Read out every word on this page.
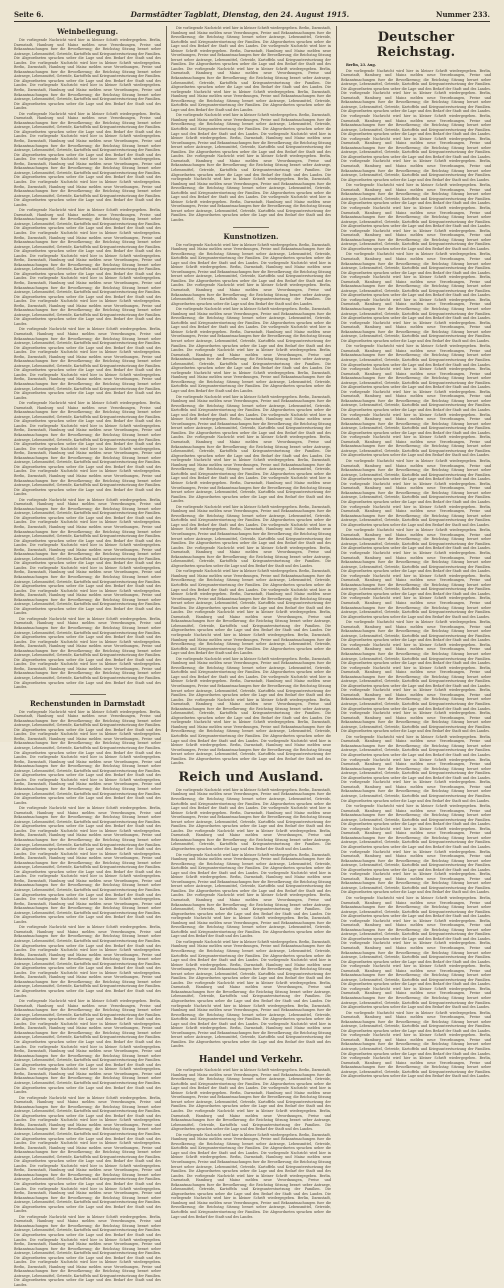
Seite 6.	Darmstädter Tagblatt, Dienstag, den 24. August 1915.	Nummer 233.
Weinbeilegung.

Die vorliegende Nachricht wird hier in kleiner Schrift wiedergegeben. Berlin, Darmstadt, Hamburg und Mainz melden neue Verordnungen, Preise und Bekanntmachungen fuer die Bevoelkerung; die Reichstag Sitzung beraet ueber Antraege, Lebensmittel, Getreide, Kartoffeln und Kriegsunterstuetzung der Familien. Die Abgeordneten sprachen ueber die Lage und den Bedarf der Stadt und des Landes. Die vorliegende Nachricht wird hier in kleiner Schrift wiedergegeben. Berlin, Darmstadt, Hamburg und Mainz melden neue Verordnungen, Preise und Bekanntmachungen fuer die Bevoelkerung; die Reichstag Sitzung beraet ueber Antraege, Lebensmittel, Getreide, Kartoffeln und Kriegsunterstuetzung der Familien. Die Abgeordneten sprachen ueber die Lage und den Bedarf der Stadt und des Landes. Die vorliegende Nachricht wird hier in kleiner Schrift wiedergegeben. Berlin, Darmstadt, Hamburg und Mainz melden neue Verordnungen, Preise und Bekanntmachungen fuer die Bevoelkerung; die Reichstag Sitzung beraet ueber Antraege, Lebensmittel, Getreide, Kartoffeln und Kriegsunterstuetzung der Familien. Die Abgeordneten sprachen ueber die Lage und den Bedarf der Stadt und des Landes.

Die vorliegende Nachricht wird hier in kleiner Schrift wiedergegeben. Berlin, Darmstadt, Hamburg und Mainz melden neue Verordnungen, Preise und Bekanntmachungen fuer die Bevoelkerung; die Reichstag Sitzung beraet ueber Antraege, Lebensmittel, Getreide, Kartoffeln und Kriegsunterstuetzung der Familien. Die Abgeordneten sprachen ueber die Lage und den Bedarf der Stadt und des Landes. Die vorliegende Nachricht wird hier in kleiner Schrift wiedergegeben. Berlin, Darmstadt, Hamburg und Mainz melden neue Verordnungen, Preise und Bekanntmachungen fuer die Bevoelkerung; die Reichstag Sitzung beraet ueber Antraege, Lebensmittel, Getreide, Kartoffeln und Kriegsunterstuetzung der Familien. Die Abgeordneten sprachen ueber die Lage und den Bedarf der Stadt und des Landes. Die vorliegende Nachricht wird hier in kleiner Schrift wiedergegeben. Berlin, Darmstadt, Hamburg und Mainz melden neue Verordnungen, Preise und Bekanntmachungen fuer die Bevoelkerung; die Reichstag Sitzung beraet ueber Antraege, Lebensmittel, Getreide, Kartoffeln und Kriegsunterstuetzung der Familien. Die Abgeordneten sprachen ueber die Lage und den Bedarf der Stadt und des Landes. Die vorliegende Nachricht wird hier in kleiner Schrift wiedergegeben. Berlin, Darmstadt, Hamburg und Mainz melden neue Verordnungen, Preise und Bekanntmachungen fuer die Bevoelkerung; die Reichstag Sitzung beraet ueber Antraege, Lebensmittel, Getreide, Kartoffeln und Kriegsunterstuetzung der Familien. Die Abgeordneten sprachen ueber die Lage und den Bedarf der Stadt und des Landes.

Die vorliegende Nachricht wird hier in kleiner Schrift wiedergegeben. Berlin, Darmstadt, Hamburg und Mainz melden neue Verordnungen, Preise und Bekanntmachungen fuer die Bevoelkerung; die Reichstag Sitzung beraet ueber Antraege, Lebensmittel, Getreide, Kartoffeln und Kriegsunterstuetzung der Familien. Die Abgeordneten sprachen ueber die Lage und den Bedarf der Stadt und des Landes. Die vorliegende Nachricht wird hier in kleiner Schrift wiedergegeben. Berlin, Darmstadt, Hamburg und Mainz melden neue Verordnungen, Preise und Bekanntmachungen fuer die Bevoelkerung; die Reichstag Sitzung beraet ueber Antraege, Lebensmittel, Getreide, Kartoffeln und Kriegsunterstuetzung der Familien. Die Abgeordneten sprachen ueber die Lage und den Bedarf der Stadt und des Landes. Die vorliegende Nachricht wird hier in kleiner Schrift wiedergegeben. Berlin, Darmstadt, Hamburg und Mainz melden neue Verordnungen, Preise und Bekanntmachungen fuer die Bevoelkerung; die Reichstag Sitzung beraet ueber Antraege, Lebensmittel, Getreide, Kartoffeln und Kriegsunterstuetzung der Familien. Die Abgeordneten sprachen ueber die Lage und den Bedarf der Stadt und des Landes. Die vorliegende Nachricht wird hier in kleiner Schrift wiedergegeben. Berlin, Darmstadt, Hamburg und Mainz melden neue Verordnungen, Preise und Bekanntmachungen fuer die Bevoelkerung; die Reichstag Sitzung beraet ueber Antraege, Lebensmittel, Getreide, Kartoffeln und Kriegsunterstuetzung der Familien. Die Abgeordneten sprachen ueber die Lage und den Bedarf der Stadt und des Landes. Die vorliegende Nachricht wird hier in kleiner Schrift wiedergegeben. Berlin, Darmstadt, Hamburg und Mainz melden neue Verordnungen, Preise und Bekanntmachungen fuer die Bevoelkerung; die Reichstag Sitzung beraet ueber Antraege, Lebensmittel, Getreide, Kartoffeln und Kriegsunterstuetzung der Familien. Die Abgeordneten sprachen ueber die Lage und den Bedarf der Stadt und des Landes.

Die vorliegende Nachricht wird hier in kleiner Schrift wiedergegeben. Berlin, Darmstadt, Hamburg und Mainz melden neue Verordnungen, Preise und Bekanntmachungen fuer die Bevoelkerung; die Reichstag Sitzung beraet ueber Antraege, Lebensmittel, Getreide, Kartoffeln und Kriegsunterstuetzung der Familien. Die Abgeordneten sprachen ueber die Lage und den Bedarf der Stadt und des Landes. Die vorliegende Nachricht wird hier in kleiner Schrift wiedergegeben. Berlin, Darmstadt, Hamburg und Mainz melden neue Verordnungen, Preise und Bekanntmachungen fuer die Bevoelkerung; die Reichstag Sitzung beraet ueber Antraege, Lebensmittel, Getreide, Kartoffeln und Kriegsunterstuetzung der Familien. Die Abgeordneten sprachen ueber die Lage und den Bedarf der Stadt und des Landes. Die vorliegende Nachricht wird hier in kleiner Schrift wiedergegeben. Berlin, Darmstadt, Hamburg und Mainz melden neue Verordnungen, Preise und Bekanntmachungen fuer die Bevoelkerung; die Reichstag Sitzung beraet ueber Antraege, Lebensmittel, Getreide, Kartoffeln und Kriegsunterstuetzung der Familien. Die Abgeordneten sprachen ueber die Lage und den Bedarf der Stadt und des Landes.

Die vorliegende Nachricht wird hier in kleiner Schrift wiedergegeben. Berlin, Darmstadt, Hamburg und Mainz melden neue Verordnungen, Preise und Bekanntmachungen fuer die Bevoelkerung; die Reichstag Sitzung beraet ueber Antraege, Lebensmittel, Getreide, Kartoffeln und Kriegsunterstuetzung der Familien. Die Abgeordneten sprachen ueber die Lage und den Bedarf der Stadt und des Landes. Die vorliegende Nachricht wird hier in kleiner Schrift wiedergegeben. Berlin, Darmstadt, Hamburg und Mainz melden neue Verordnungen, Preise und Bekanntmachungen fuer die Bevoelkerung; die Reichstag Sitzung beraet ueber Antraege, Lebensmittel, Getreide, Kartoffeln und Kriegsunterstuetzung der Familien. Die Abgeordneten sprachen ueber die Lage und den Bedarf der Stadt und des Landes. Die vorliegende Nachricht wird hier in kleiner Schrift wiedergegeben. Berlin, Darmstadt, Hamburg und Mainz melden neue Verordnungen, Preise und Bekanntmachungen fuer die Bevoelkerung; die Reichstag Sitzung beraet ueber Antraege, Lebensmittel, Getreide, Kartoffeln und Kriegsunterstuetzung der Familien. Die Abgeordneten sprachen ueber die Lage und den Bedarf der Stadt und des Landes. Die vorliegende Nachricht wird hier in kleiner Schrift wiedergegeben. Berlin, Darmstadt, Hamburg und Mainz melden neue Verordnungen, Preise und Bekanntmachungen fuer die Bevoelkerung; die Reichstag Sitzung beraet ueber Antraege, Lebensmittel, Getreide, Kartoffeln und Kriegsunterstuetzung der Familien. Die Abgeordneten sprachen ueber die Lage und den Bedarf der Stadt und des Landes.

Die vorliegende Nachricht wird hier in kleiner Schrift wiedergegeben. Berlin, Darmstadt, Hamburg und Mainz melden neue Verordnungen, Preise und Bekanntmachungen fuer die Bevoelkerung; die Reichstag Sitzung beraet ueber Antraege, Lebensmittel, Getreide, Kartoffeln und Kriegsunterstuetzung der Familien. Die Abgeordneten sprachen ueber die Lage und den Bedarf der Stadt und des Landes. Die vorliegende Nachricht wird hier in kleiner Schrift wiedergegeben. Berlin, Darmstadt, Hamburg und Mainz melden neue Verordnungen, Preise und Bekanntmachungen fuer die Bevoelkerung; die Reichstag Sitzung beraet ueber Antraege, Lebensmittel, Getreide, Kartoffeln und Kriegsunterstuetzung der Familien. Die Abgeordneten sprachen ueber die Lage und den Bedarf der Stadt und des Landes. Die vorliegende Nachricht wird hier in kleiner Schrift wiedergegeben. Berlin, Darmstadt, Hamburg und Mainz melden neue Verordnungen, Preise und Bekanntmachungen fuer die Bevoelkerung; die Reichstag Sitzung beraet ueber Antraege, Lebensmittel, Getreide, Kartoffeln und Kriegsunterstuetzung der Familien. Die Abgeordneten sprachen ueber die Lage und den Bedarf der Stadt und des Landes. Die vorliegende Nachricht wird hier in kleiner Schrift wiedergegeben. Berlin, Darmstadt, Hamburg und Mainz melden neue Verordnungen, Preise und Bekanntmachungen fuer die Bevoelkerung; die Reichstag Sitzung beraet ueber Antraege, Lebensmittel, Getreide, Kartoffeln und Kriegsunterstuetzung der Familien. Die Abgeordneten sprachen ueber die Lage und den Bedarf der Stadt und des Landes. Die vorliegende Nachricht wird hier in kleiner Schrift wiedergegeben. Berlin, Darmstadt, Hamburg und Mainz melden neue Verordnungen, Preise und Bekanntmachungen fuer die Bevoelkerung; die Reichstag Sitzung beraet ueber Antraege, Lebensmittel, Getreide, Kartoffeln und Kriegsunterstuetzung der Familien. Die Abgeordneten sprachen ueber die Lage und den Bedarf der Stadt und des Landes.

Die vorliegende Nachricht wird hier in kleiner Schrift wiedergegeben. Berlin, Darmstadt, Hamburg und Mainz melden neue Verordnungen, Preise und Bekanntmachungen fuer die Bevoelkerung; die Reichstag Sitzung beraet ueber Antraege, Lebensmittel, Getreide, Kartoffeln und Kriegsunterstuetzung der Familien. Die Abgeordneten sprachen ueber die Lage und den Bedarf der Stadt und des Landes. Die vorliegende Nachricht wird hier in kleiner Schrift wiedergegeben. Berlin, Darmstadt, Hamburg und Mainz melden neue Verordnungen, Preise und Bekanntmachungen fuer die Bevoelkerung; die Reichstag Sitzung beraet ueber Antraege, Lebensmittel, Getreide, Kartoffeln und Kriegsunterstuetzung der Familien. Die Abgeordneten sprachen ueber die Lage und den Bedarf der Stadt und des Landes. Die vorliegende Nachricht wird hier in kleiner Schrift wiedergegeben. Berlin, Darmstadt, Hamburg und Mainz melden neue Verordnungen, Preise und Bekanntmachungen fuer die Bevoelkerung; die Reichstag Sitzung beraet ueber Antraege, Lebensmittel, Getreide, Kartoffeln und Kriegsunterstuetzung der Familien. Die Abgeordneten sprachen ueber die Lage und den Bedarf der Stadt und des Landes.

Rechenstunden in Darmstadt

Die vorliegende Nachricht wird hier in kleiner Schrift wiedergegeben. Berlin, Darmstadt, Hamburg und Mainz melden neue Verordnungen, Preise und Bekanntmachungen fuer die Bevoelkerung; die Reichstag Sitzung beraet ueber Antraege, Lebensmittel, Getreide, Kartoffeln und Kriegsunterstuetzung der Familien. Die Abgeordneten sprachen ueber die Lage und den Bedarf der Stadt und des Landes. Die vorliegende Nachricht wird hier in kleiner Schrift wiedergegeben. Berlin, Darmstadt, Hamburg und Mainz melden neue Verordnungen, Preise und Bekanntmachungen fuer die Bevoelkerung; die Reichstag Sitzung beraet ueber Antraege, Lebensmittel, Getreide, Kartoffeln und Kriegsunterstuetzung der Familien. Die Abgeordneten sprachen ueber die Lage und den Bedarf der Stadt und des Landes. Die vorliegende Nachricht wird hier in kleiner Schrift wiedergegeben. Berlin, Darmstadt, Hamburg und Mainz melden neue Verordnungen, Preise und Bekanntmachungen fuer die Bevoelkerung; die Reichstag Sitzung beraet ueber Antraege, Lebensmittel, Getreide, Kartoffeln und Kriegsunterstuetzung der Familien. Die Abgeordneten sprachen ueber die Lage und den Bedarf der Stadt und des Landes. Die vorliegende Nachricht wird hier in kleiner Schrift wiedergegeben. Berlin, Darmstadt, Hamburg und Mainz melden neue Verordnungen, Preise und Bekanntmachungen fuer die Bevoelkerung; die Reichstag Sitzung beraet ueber Antraege, Lebensmittel, Getreide, Kartoffeln und Kriegsunterstuetzung der Familien. Die Abgeordneten sprachen ueber die Lage und den Bedarf der Stadt und des Landes.

Die vorliegende Nachricht wird hier in kleiner Schrift wiedergegeben. Berlin, Darmstadt, Hamburg und Mainz melden neue Verordnungen, Preise und Bekanntmachungen fuer die Bevoelkerung; die Reichstag Sitzung beraet ueber Antraege, Lebensmittel, Getreide, Kartoffeln und Kriegsunterstuetzung der Familien. Die Abgeordneten sprachen ueber die Lage und den Bedarf der Stadt und des Landes. Die vorliegende Nachricht wird hier in kleiner Schrift wiedergegeben. Berlin, Darmstadt, Hamburg und Mainz melden neue Verordnungen, Preise und Bekanntmachungen fuer die Bevoelkerung; die Reichstag Sitzung beraet ueber Antraege, Lebensmittel, Getreide, Kartoffeln und Kriegsunterstuetzung der Familien. Die Abgeordneten sprachen ueber die Lage und den Bedarf der Stadt und des Landes. Die vorliegende Nachricht wird hier in kleiner Schrift wiedergegeben. Berlin, Darmstadt, Hamburg und Mainz melden neue Verordnungen, Preise und Bekanntmachungen fuer die Bevoelkerung; die Reichstag Sitzung beraet ueber Antraege, Lebensmittel, Getreide, Kartoffeln und Kriegsunterstuetzung der Familien. Die Abgeordneten sprachen ueber die Lage und den Bedarf der Stadt und des Landes. Die vorliegende Nachricht wird hier in kleiner Schrift wiedergegeben. Berlin, Darmstadt, Hamburg und Mainz melden neue Verordnungen, Preise und Bekanntmachungen fuer die Bevoelkerung; die Reichstag Sitzung beraet ueber Antraege, Lebensmittel, Getreide, Kartoffeln und Kriegsunterstuetzung der Familien. Die Abgeordneten sprachen ueber die Lage und den Bedarf der Stadt und des Landes. Die vorliegende Nachricht wird hier in kleiner Schrift wiedergegeben. Berlin, Darmstadt, Hamburg und Mainz melden neue Verordnungen, Preise und Bekanntmachungen fuer die Bevoelkerung; die Reichstag Sitzung beraet ueber Antraege, Lebensmittel, Getreide, Kartoffeln und Kriegsunterstuetzung der Familien. Die Abgeordneten sprachen ueber die Lage und den Bedarf der Stadt und des Landes.

Die vorliegende Nachricht wird hier in kleiner Schrift wiedergegeben. Berlin, Darmstadt, Hamburg und Mainz melden neue Verordnungen, Preise und Bekanntmachungen fuer die Bevoelkerung; die Reichstag Sitzung beraet ueber Antraege, Lebensmittel, Getreide, Kartoffeln und Kriegsunterstuetzung der Familien. Die Abgeordneten sprachen ueber die Lage und den Bedarf der Stadt und des Landes. Die vorliegende Nachricht wird hier in kleiner Schrift wiedergegeben. Berlin, Darmstadt, Hamburg und Mainz melden neue Verordnungen, Preise und Bekanntmachungen fuer die Bevoelkerung; die Reichstag Sitzung beraet ueber Antraege, Lebensmittel, Getreide, Kartoffeln und Kriegsunterstuetzung der Familien. Die Abgeordneten sprachen ueber die Lage und den Bedarf der Stadt und des Landes. Die vorliegende Nachricht wird hier in kleiner Schrift wiedergegeben. Berlin, Darmstadt, Hamburg und Mainz melden neue Verordnungen, Preise und Bekanntmachungen fuer die Bevoelkerung; die Reichstag Sitzung beraet ueber Antraege, Lebensmittel, Getreide, Kartoffeln und Kriegsunterstuetzung der Familien. Die Abgeordneten sprachen ueber die Lage und den Bedarf der Stadt und des Landes.

Die vorliegende Nachricht wird hier in kleiner Schrift wiedergegeben. Berlin, Darmstadt, Hamburg und Mainz melden neue Verordnungen, Preise und Bekanntmachungen fuer die Bevoelkerung; die Reichstag Sitzung beraet ueber Antraege, Lebensmittel, Getreide, Kartoffeln und Kriegsunterstuetzung der Familien. Die Abgeordneten sprachen ueber die Lage und den Bedarf der Stadt und des Landes. Die vorliegende Nachricht wird hier in kleiner Schrift wiedergegeben. Berlin, Darmstadt, Hamburg und Mainz melden neue Verordnungen, Preise und Bekanntmachungen fuer die Bevoelkerung; die Reichstag Sitzung beraet ueber Antraege, Lebensmittel, Getreide, Kartoffeln und Kriegsunterstuetzung der Familien. Die Abgeordneten sprachen ueber die Lage und den Bedarf der Stadt und des Landes. Die vorliegende Nachricht wird hier in kleiner Schrift wiedergegeben. Berlin, Darmstadt, Hamburg und Mainz melden neue Verordnungen, Preise und Bekanntmachungen fuer die Bevoelkerung; die Reichstag Sitzung beraet ueber Antraege, Lebensmittel, Getreide, Kartoffeln und Kriegsunterstuetzung der Familien. Die Abgeordneten sprachen ueber die Lage und den Bedarf der Stadt und des Landes. Die vorliegende Nachricht wird hier in kleiner Schrift wiedergegeben. Berlin, Darmstadt, Hamburg und Mainz melden neue Verordnungen, Preise und Bekanntmachungen fuer die Bevoelkerung; die Reichstag Sitzung beraet ueber Antraege, Lebensmittel, Getreide, Kartoffeln und Kriegsunterstuetzung der Familien. Die Abgeordneten sprachen ueber die Lage und den Bedarf der Stadt und des Landes.

Die vorliegende Nachricht wird hier in kleiner Schrift wiedergegeben. Berlin, Darmstadt, Hamburg und Mainz melden neue Verordnungen, Preise und Bekanntmachungen fuer die Bevoelkerung; die Reichstag Sitzung beraet ueber Antraege, Lebensmittel, Getreide, Kartoffeln und Kriegsunterstuetzung der Familien. Die Abgeordneten sprachen ueber die Lage und den Bedarf der Stadt und des Landes. Die vorliegende Nachricht wird hier in kleiner Schrift wiedergegeben. Berlin, Darmstadt, Hamburg und Mainz melden neue Verordnungen, Preise und Bekanntmachungen fuer die Bevoelkerung; die Reichstag Sitzung beraet ueber Antraege, Lebensmittel, Getreide, Kartoffeln und Kriegsunterstuetzung der Familien. Die Abgeordneten sprachen ueber die Lage und den Bedarf der Stadt und des Landes. Die vorliegende Nachricht wird hier in kleiner Schrift wiedergegeben. Berlin, Darmstadt, Hamburg und Mainz melden neue Verordnungen, Preise und Bekanntmachungen fuer die Bevoelkerung; die Reichstag Sitzung beraet ueber Antraege, Lebensmittel, Getreide, Kartoffeln und Kriegsunterstuetzung der Familien. Die Abgeordneten sprachen ueber die Lage und den Bedarf der Stadt und des Landes. Die vorliegende Nachricht wird hier in kleiner Schrift wiedergegeben. Berlin, Darmstadt, Hamburg und Mainz melden neue Verordnungen, Preise und Bekanntmachungen fuer die Bevoelkerung; die Reichstag Sitzung beraet ueber Antraege, Lebensmittel, Getreide, Kartoffeln und Kriegsunterstuetzung der Familien. Die Abgeordneten sprachen ueber die Lage und den Bedarf der Stadt und des Landes. Die vorliegende Nachricht wird hier in kleiner Schrift wiedergegeben. Berlin, Darmstadt, Hamburg und Mainz melden neue Verordnungen, Preise und Bekanntmachungen fuer die Bevoelkerung; die Reichstag Sitzung beraet ueber Antraege, Lebensmittel, Getreide, Kartoffeln und Kriegsunterstuetzung der Familien. Die Abgeordneten sprachen ueber die Lage und den Bedarf der Stadt und des Landes.

Die vorliegende Nachricht wird hier in kleiner Schrift wiedergegeben. Berlin, Darmstadt, Hamburg und Mainz melden neue Verordnungen, Preise und Bekanntmachungen fuer die Bevoelkerung; die Reichstag Sitzung beraet ueber Antraege, Lebensmittel, Getreide, Kartoffeln und Kriegsunterstuetzung der Familien. Die Abgeordneten sprachen ueber die Lage und den Bedarf der Stadt und des Landes. Die vorliegende Nachricht wird hier in kleiner Schrift wiedergegeben. Berlin, Darmstadt, Hamburg und Mainz melden neue Verordnungen, Preise und Bekanntmachungen fuer die Bevoelkerung; die Reichstag Sitzung beraet ueber Antraege, Lebensmittel, Getreide, Kartoffeln und Kriegsunterstuetzung der Familien. Die Abgeordneten sprachen ueber die Lage und den Bedarf der Stadt und des Landes. Die vorliegende Nachricht wird hier in kleiner Schrift wiedergegeben. Berlin, Darmstadt, Hamburg und Mainz melden neue Verordnungen, Preise und Bekanntmachungen fuer die Bevoelkerung; die Reichstag Sitzung beraet ueber Antraege, Lebensmittel, Getreide, Kartoffeln und Kriegsunterstuetzung der Familien. Die Abgeordneten sprachen ueber die Lage und den Bedarf der Stadt und des Landes.

Die vorliegende Nachricht wird hier in kleiner Schrift wiedergegeben. Berlin, Darmstadt, Hamburg und Mainz melden neue Verordnungen, Preise und Bekanntmachungen fuer die Bevoelkerung; die Reichstag Sitzung beraet ueber Antraege, Lebensmittel, Getreide, Kartoffeln und Kriegsunterstuetzung der Familien. Die Abgeordneten sprachen ueber die Lage und den Bedarf der Stadt und des Landes. Die vorliegende Nachricht wird hier in kleiner Schrift wiedergegeben. Berlin, Darmstadt, Hamburg und Mainz melden neue Verordnungen, Preise und Bekanntmachungen fuer die Bevoelkerung; die Reichstag Sitzung beraet ueber Antraege, Lebensmittel, Getreide, Kartoffeln und Kriegsunterstuetzung der Familien. Die Abgeordneten sprachen ueber die Lage und den Bedarf der Stadt und des Landes. Die vorliegende Nachricht wird hier in kleiner Schrift wiedergegeben. Berlin, Darmstadt, Hamburg und Mainz melden neue Verordnungen, Preise und Bekanntmachungen fuer die Bevoelkerung; die Reichstag Sitzung beraet ueber Antraege, Lebensmittel, Getreide, Kartoffeln und Kriegsunterstuetzung der Familien. Die Abgeordneten sprachen ueber die Lage und den Bedarf der Stadt und des Landes. Die vorliegende Nachricht wird hier in kleiner Schrift wiedergegeben. Berlin, Darmstadt, Hamburg und Mainz melden neue Verordnungen, Preise und Bekanntmachungen fuer die Bevoelkerung; die Reichstag Sitzung beraet ueber Antraege, Lebensmittel, Getreide, Kartoffeln und Kriegsunterstuetzung der Familien. Die Abgeordneten sprachen ueber die Lage und den Bedarf der Stadt und des Landes.

Die vorliegende Nachricht wird hier in kleiner Schrift wiedergegeben. Berlin, Darmstadt, Hamburg und Mainz melden neue Verordnungen, Preise und Bekanntmachungen fuer die Bevoelkerung; die Reichstag Sitzung beraet ueber Antraege, Lebensmittel, Getreide, Kartoffeln und Kriegsunterstuetzung der Familien. Die Abgeordneten sprachen ueber die Lage und den Bedarf der Stadt und des Landes. Die vorliegende Nachricht wird hier in kleiner Schrift wiedergegeben. Berlin, Darmstadt, Hamburg und Mainz melden neue Verordnungen, Preise und Bekanntmachungen fuer die Bevoelkerung; die Reichstag Sitzung beraet ueber Antraege, Lebensmittel, Getreide, Kartoffeln und Kriegsunterstuetzung der Familien. Die Abgeordneten sprachen ueber die Lage und den Bedarf der Stadt und des Landes. Die vorliegende Nachricht wird hier in kleiner Schrift wiedergegeben. Berlin, Darmstadt, Hamburg und Mainz melden neue Verordnungen, Preise und Bekanntmachungen fuer die Bevoelkerung; die Reichstag Sitzung beraet ueber Antraege, Lebensmittel, Getreide, Kartoffeln und Kriegsunterstuetzung der Familien. Die Abgeordneten sprachen ueber die Lage und den Bedarf der Stadt und des Landes. Die vorliegende Nachricht wird hier in kleiner Schrift wiedergegeben. Berlin, Darmstadt, Hamburg und Mainz melden neue Verordnungen, Preise und Bekanntmachungen fuer die Bevoelkerung; die Reichstag Sitzung beraet ueber Antraege, Lebensmittel, Getreide, Kartoffeln und Kriegsunterstuetzung der Familien. Die Abgeordneten sprachen ueber die Lage und den Bedarf der Stadt und des Landes. Die vorliegende Nachricht wird hier in kleiner Schrift wiedergegeben. Berlin, Darmstadt, Hamburg und Mainz melden neue Verordnungen, Preise und Bekanntmachungen fuer die Bevoelkerung; die Reichstag Sitzung beraet ueber Antraege, Lebensmittel, Getreide, Kartoffeln und Kriegsunterstuetzung der Familien. Die Abgeordneten sprachen ueber die Lage und den Bedarf der Stadt und des Landes.

Kunstnotizen.

Die vorliegende Nachricht wird hier in kleiner Schrift wiedergegeben. Berlin, Darmstadt, Hamburg und Mainz melden neue Verordnungen, Preise und Bekanntmachungen fuer die Bevoelkerung; die Reichstag Sitzung beraet ueber Antraege, Lebensmittel, Getreide, Kartoffeln und Kriegsunterstuetzung der Familien. Die Abgeordneten sprachen ueber die Lage und den Bedarf der Stadt und des Landes. Die vorliegende Nachricht wird hier in kleiner Schrift wiedergegeben. Berlin, Darmstadt, Hamburg und Mainz melden neue Verordnungen, Preise und Bekanntmachungen fuer die Bevoelkerung; die Reichstag Sitzung beraet ueber Antraege, Lebensmittel, Getreide, Kartoffeln und Kriegsunterstuetzung der Familien. Die Abgeordneten sprachen ueber die Lage und den Bedarf der Stadt und des Landes. Die vorliegende Nachricht wird hier in kleiner Schrift wiedergegeben. Berlin, Darmstadt, Hamburg und Mainz melden neue Verordnungen, Preise und Bekanntmachungen fuer die Bevoelkerung; die Reichstag Sitzung beraet ueber Antraege, Lebensmittel, Getreide, Kartoffeln und Kriegsunterstuetzung der Familien. Die Abgeordneten sprachen ueber die Lage und den Bedarf der Stadt und des Landes.

Die vorliegende Nachricht wird hier in kleiner Schrift wiedergegeben. Berlin, Darmstadt, Hamburg und Mainz melden neue Verordnungen, Preise und Bekanntmachungen fuer die Bevoelkerung; die Reichstag Sitzung beraet ueber Antraege, Lebensmittel, Getreide, Kartoffeln und Kriegsunterstuetzung der Familien. Die Abgeordneten sprachen ueber die Lage und den Bedarf der Stadt und des Landes. Die vorliegende Nachricht wird hier in kleiner Schrift wiedergegeben. Berlin, Darmstadt, Hamburg und Mainz melden neue Verordnungen, Preise und Bekanntmachungen fuer die Bevoelkerung; die Reichstag Sitzung beraet ueber Antraege, Lebensmittel, Getreide, Kartoffeln und Kriegsunterstuetzung der Familien. Die Abgeordneten sprachen ueber die Lage und den Bedarf der Stadt und des Landes. Die vorliegende Nachricht wird hier in kleiner Schrift wiedergegeben. Berlin, Darmstadt, Hamburg und Mainz melden neue Verordnungen, Preise und Bekanntmachungen fuer die Bevoelkerung; die Reichstag Sitzung beraet ueber Antraege, Lebensmittel, Getreide, Kartoffeln und Kriegsunterstuetzung der Familien. Die Abgeordneten sprachen ueber die Lage und den Bedarf der Stadt und des Landes. Die vorliegende Nachricht wird hier in kleiner Schrift wiedergegeben. Berlin, Darmstadt, Hamburg und Mainz melden neue Verordnungen, Preise und Bekanntmachungen fuer die Bevoelkerung; die Reichstag Sitzung beraet ueber Antraege, Lebensmittel, Getreide, Kartoffeln und Kriegsunterstuetzung der Familien. Die Abgeordneten sprachen ueber die Lage und den Bedarf der Stadt und des Landes.

Die vorliegende Nachricht wird hier in kleiner Schrift wiedergegeben. Berlin, Darmstadt, Hamburg und Mainz melden neue Verordnungen, Preise und Bekanntmachungen fuer die Bevoelkerung; die Reichstag Sitzung beraet ueber Antraege, Lebensmittel, Getreide, Kartoffeln und Kriegsunterstuetzung der Familien. Die Abgeordneten sprachen ueber die Lage und den Bedarf der Stadt und des Landes. Die vorliegende Nachricht wird hier in kleiner Schrift wiedergegeben. Berlin, Darmstadt, Hamburg und Mainz melden neue Verordnungen, Preise und Bekanntmachungen fuer die Bevoelkerung; die Reichstag Sitzung beraet ueber Antraege, Lebensmittel, Getreide, Kartoffeln und Kriegsunterstuetzung der Familien. Die Abgeordneten sprachen ueber die Lage und den Bedarf der Stadt und des Landes. Die vorliegende Nachricht wird hier in kleiner Schrift wiedergegeben. Berlin, Darmstadt, Hamburg und Mainz melden neue Verordnungen, Preise und Bekanntmachungen fuer die Bevoelkerung; die Reichstag Sitzung beraet ueber Antraege, Lebensmittel, Getreide, Kartoffeln und Kriegsunterstuetzung der Familien. Die Abgeordneten sprachen ueber die Lage und den Bedarf der Stadt und des Landes. Die vorliegende Nachricht wird hier in kleiner Schrift wiedergegeben. Berlin, Darmstadt, Hamburg und Mainz melden neue Verordnungen, Preise und Bekanntmachungen fuer die Bevoelkerung; die Reichstag Sitzung beraet ueber Antraege, Lebensmittel, Getreide, Kartoffeln und Kriegsunterstuetzung der Familien. Die Abgeordneten sprachen ueber die Lage und den Bedarf der Stadt und des Landes. Die vorliegende Nachricht wird hier in kleiner Schrift wiedergegeben. Berlin, Darmstadt, Hamburg und Mainz melden neue Verordnungen, Preise und Bekanntmachungen fuer die Bevoelkerung; die Reichstag Sitzung beraet ueber Antraege, Lebensmittel, Getreide, Kartoffeln und Kriegsunterstuetzung der Familien. Die Abgeordneten sprachen ueber die Lage und den Bedarf der Stadt und des Landes.

Die vorliegende Nachricht wird hier in kleiner Schrift wiedergegeben. Berlin, Darmstadt, Hamburg und Mainz melden neue Verordnungen, Preise und Bekanntmachungen fuer die Bevoelkerung; die Reichstag Sitzung beraet ueber Antraege, Lebensmittel, Getreide, Kartoffeln und Kriegsunterstuetzung der Familien. Die Abgeordneten sprachen ueber die Lage und den Bedarf der Stadt und des Landes. Die vorliegende Nachricht wird hier in kleiner Schrift wiedergegeben. Berlin, Darmstadt, Hamburg und Mainz melden neue Verordnungen, Preise und Bekanntmachungen fuer die Bevoelkerung; die Reichstag Sitzung beraet ueber Antraege, Lebensmittel, Getreide, Kartoffeln und Kriegsunterstuetzung der Familien. Die Abgeordneten sprachen ueber die Lage und den Bedarf der Stadt und des Landes. Die vorliegende Nachricht wird hier in kleiner Schrift wiedergegeben. Berlin, Darmstadt, Hamburg und Mainz melden neue Verordnungen, Preise und Bekanntmachungen fuer die Bevoelkerung; die Reichstag Sitzung beraet ueber Antraege, Lebensmittel, Getreide, Kartoffeln und Kriegsunterstuetzung der Familien. Die Abgeordneten sprachen ueber die Lage und den Bedarf der Stadt und des Landes.

Die vorliegende Nachricht wird hier in kleiner Schrift wiedergegeben. Berlin, Darmstadt, Hamburg und Mainz melden neue Verordnungen, Preise und Bekanntmachungen fuer die Bevoelkerung; die Reichstag Sitzung beraet ueber Antraege, Lebensmittel, Getreide, Kartoffeln und Kriegsunterstuetzung der Familien. Die Abgeordneten sprachen ueber die Lage und den Bedarf der Stadt und des Landes. Die vorliegende Nachricht wird hier in kleiner Schrift wiedergegeben. Berlin, Darmstadt, Hamburg und Mainz melden neue Verordnungen, Preise und Bekanntmachungen fuer die Bevoelkerung; die Reichstag Sitzung beraet ueber Antraege, Lebensmittel, Getreide, Kartoffeln und Kriegsunterstuetzung der Familien. Die Abgeordneten sprachen ueber die Lage und den Bedarf der Stadt und des Landes. Die vorliegende Nachricht wird hier in kleiner Schrift wiedergegeben. Berlin, Darmstadt, Hamburg und Mainz melden neue Verordnungen, Preise und Bekanntmachungen fuer die Bevoelkerung; die Reichstag Sitzung beraet ueber Antraege, Lebensmittel, Getreide, Kartoffeln und Kriegsunterstuetzung der Familien. Die Abgeordneten sprachen ueber die Lage und den Bedarf der Stadt und des Landes. Die vorliegende Nachricht wird hier in kleiner Schrift wiedergegeben. Berlin, Darmstadt, Hamburg und Mainz melden neue Verordnungen, Preise und Bekanntmachungen fuer die Bevoelkerung; die Reichstag Sitzung beraet ueber Antraege, Lebensmittel, Getreide, Kartoffeln und Kriegsunterstuetzung der Familien. Die Abgeordneten sprachen ueber die Lage und den Bedarf der Stadt und des Landes.

Die vorliegende Nachricht wird hier in kleiner Schrift wiedergegeben. Berlin, Darmstadt, Hamburg und Mainz melden neue Verordnungen, Preise und Bekanntmachungen fuer die Bevoelkerung; die Reichstag Sitzung beraet ueber Antraege, Lebensmittel, Getreide, Kartoffeln und Kriegsunterstuetzung der Familien. Die Abgeordneten sprachen ueber die Lage und den Bedarf der Stadt und des Landes. Die vorliegende Nachricht wird hier in kleiner Schrift wiedergegeben. Berlin, Darmstadt, Hamburg und Mainz melden neue Verordnungen, Preise und Bekanntmachungen fuer die Bevoelkerung; die Reichstag Sitzung beraet ueber Antraege, Lebensmittel, Getreide, Kartoffeln und Kriegsunterstuetzung der Familien. Die Abgeordneten sprachen ueber die Lage und den Bedarf der Stadt und des Landes. Die vorliegende Nachricht wird hier in kleiner Schrift wiedergegeben. Berlin, Darmstadt, Hamburg und Mainz melden neue Verordnungen, Preise und Bekanntmachungen fuer die Bevoelkerung; die Reichstag Sitzung beraet ueber Antraege, Lebensmittel, Getreide, Kartoffeln und Kriegsunterstuetzung der Familien. Die Abgeordneten sprachen ueber die Lage und den Bedarf der Stadt und des Landes. Die vorliegende Nachricht wird hier in kleiner Schrift wiedergegeben. Berlin, Darmstadt, Hamburg und Mainz melden neue Verordnungen, Preise und Bekanntmachungen fuer die Bevoelkerung; die Reichstag Sitzung beraet ueber Antraege, Lebensmittel, Getreide, Kartoffeln und Kriegsunterstuetzung der Familien. Die Abgeordneten sprachen ueber die Lage und den Bedarf der Stadt und des Landes. Die vorliegende Nachricht wird hier in kleiner Schrift wiedergegeben. Berlin, Darmstadt, Hamburg und Mainz melden neue Verordnungen, Preise und Bekanntmachungen fuer die Bevoelkerung; die Reichstag Sitzung beraet ueber Antraege, Lebensmittel, Getreide, Kartoffeln und Kriegsunterstuetzung der Familien. Die Abgeordneten sprachen ueber die Lage und den Bedarf der Stadt und des Landes.

Reich und Ausland.

Die vorliegende Nachricht wird hier in kleiner Schrift wiedergegeben. Berlin, Darmstadt, Hamburg und Mainz melden neue Verordnungen, Preise und Bekanntmachungen fuer die Bevoelkerung; die Reichstag Sitzung beraet ueber Antraege, Lebensmittel, Getreide, Kartoffeln und Kriegsunterstuetzung der Familien. Die Abgeordneten sprachen ueber die Lage und den Bedarf der Stadt und des Landes. Die vorliegende Nachricht wird hier in kleiner Schrift wiedergegeben. Berlin, Darmstadt, Hamburg und Mainz melden neue Verordnungen, Preise und Bekanntmachungen fuer die Bevoelkerung; die Reichstag Sitzung beraet ueber Antraege, Lebensmittel, Getreide, Kartoffeln und Kriegsunterstuetzung der Familien. Die Abgeordneten sprachen ueber die Lage und den Bedarf der Stadt und des Landes. Die vorliegende Nachricht wird hier in kleiner Schrift wiedergegeben. Berlin, Darmstadt, Hamburg und Mainz melden neue Verordnungen, Preise und Bekanntmachungen fuer die Bevoelkerung; die Reichstag Sitzung beraet ueber Antraege, Lebensmittel, Getreide, Kartoffeln und Kriegsunterstuetzung der Familien. Die Abgeordneten sprachen ueber die Lage und den Bedarf der Stadt und des Landes.

Die vorliegende Nachricht wird hier in kleiner Schrift wiedergegeben. Berlin, Darmstadt, Hamburg und Mainz melden neue Verordnungen, Preise und Bekanntmachungen fuer die Bevoelkerung; die Reichstag Sitzung beraet ueber Antraege, Lebensmittel, Getreide, Kartoffeln und Kriegsunterstuetzung der Familien. Die Abgeordneten sprachen ueber die Lage und den Bedarf der Stadt und des Landes. Die vorliegende Nachricht wird hier in kleiner Schrift wiedergegeben. Berlin, Darmstadt, Hamburg und Mainz melden neue Verordnungen, Preise und Bekanntmachungen fuer die Bevoelkerung; die Reichstag Sitzung beraet ueber Antraege, Lebensmittel, Getreide, Kartoffeln und Kriegsunterstuetzung der Familien. Die Abgeordneten sprachen ueber die Lage und den Bedarf der Stadt und des Landes. Die vorliegende Nachricht wird hier in kleiner Schrift wiedergegeben. Berlin, Darmstadt, Hamburg und Mainz melden neue Verordnungen, Preise und Bekanntmachungen fuer die Bevoelkerung; die Reichstag Sitzung beraet ueber Antraege, Lebensmittel, Getreide, Kartoffeln und Kriegsunterstuetzung der Familien. Die Abgeordneten sprachen ueber die Lage und den Bedarf der Stadt und des Landes. Die vorliegende Nachricht wird hier in kleiner Schrift wiedergegeben. Berlin, Darmstadt, Hamburg und Mainz melden neue Verordnungen, Preise und Bekanntmachungen fuer die Bevoelkerung; die Reichstag Sitzung beraet ueber Antraege, Lebensmittel, Getreide, Kartoffeln und Kriegsunterstuetzung der Familien. Die Abgeordneten sprachen ueber die Lage und den Bedarf der Stadt und des Landes.

Die vorliegende Nachricht wird hier in kleiner Schrift wiedergegeben. Berlin, Darmstadt, Hamburg und Mainz melden neue Verordnungen, Preise und Bekanntmachungen fuer die Bevoelkerung; die Reichstag Sitzung beraet ueber Antraege, Lebensmittel, Getreide, Kartoffeln und Kriegsunterstuetzung der Familien. Die Abgeordneten sprachen ueber die Lage und den Bedarf der Stadt und des Landes. Die vorliegende Nachricht wird hier in kleiner Schrift wiedergegeben. Berlin, Darmstadt, Hamburg und Mainz melden neue Verordnungen, Preise und Bekanntmachungen fuer die Bevoelkerung; die Reichstag Sitzung beraet ueber Antraege, Lebensmittel, Getreide, Kartoffeln und Kriegsunterstuetzung der Familien. Die Abgeordneten sprachen ueber die Lage und den Bedarf der Stadt und des Landes. Die vorliegende Nachricht wird hier in kleiner Schrift wiedergegeben. Berlin, Darmstadt, Hamburg und Mainz melden neue Verordnungen, Preise und Bekanntmachungen fuer die Bevoelkerung; die Reichstag Sitzung beraet ueber Antraege, Lebensmittel, Getreide, Kartoffeln und Kriegsunterstuetzung der Familien. Die Abgeordneten sprachen ueber die Lage und den Bedarf der Stadt und des Landes. Die vorliegende Nachricht wird hier in kleiner Schrift wiedergegeben. Berlin, Darmstadt, Hamburg und Mainz melden neue Verordnungen, Preise und Bekanntmachungen fuer die Bevoelkerung; die Reichstag Sitzung beraet ueber Antraege, Lebensmittel, Getreide, Kartoffeln und Kriegsunterstuetzung der Familien. Die Abgeordneten sprachen ueber die Lage und den Bedarf der Stadt und des Landes. Die vorliegende Nachricht wird hier in kleiner Schrift wiedergegeben. Berlin, Darmstadt, Hamburg und Mainz melden neue Verordnungen, Preise und Bekanntmachungen fuer die Bevoelkerung; die Reichstag Sitzung beraet ueber Antraege, Lebensmittel, Getreide, Kartoffeln und Kriegsunterstuetzung der Familien. Die Abgeordneten sprachen ueber die Lage und den Bedarf der Stadt und des Landes.

Handel und Verkehr.

Die vorliegende Nachricht wird hier in kleiner Schrift wiedergegeben. Berlin, Darmstadt, Hamburg und Mainz melden neue Verordnungen, Preise und Bekanntmachungen fuer die Bevoelkerung; die Reichstag Sitzung beraet ueber Antraege, Lebensmittel, Getreide, Kartoffeln und Kriegsunterstuetzung der Familien. Die Abgeordneten sprachen ueber die Lage und den Bedarf der Stadt und des Landes. Die vorliegende Nachricht wird hier in kleiner Schrift wiedergegeben. Berlin, Darmstadt, Hamburg und Mainz melden neue Verordnungen, Preise und Bekanntmachungen fuer die Bevoelkerung; die Reichstag Sitzung beraet ueber Antraege, Lebensmittel, Getreide, Kartoffeln und Kriegsunterstuetzung der Familien. Die Abgeordneten sprachen ueber die Lage und den Bedarf der Stadt und des Landes. Die vorliegende Nachricht wird hier in kleiner Schrift wiedergegeben. Berlin, Darmstadt, Hamburg und Mainz melden neue Verordnungen, Preise und Bekanntmachungen fuer die Bevoelkerung; die Reichstag Sitzung beraet ueber Antraege, Lebensmittel, Getreide, Kartoffeln und Kriegsunterstuetzung der Familien. Die Abgeordneten sprachen ueber die Lage und den Bedarf der Stadt und des Landes.

Die vorliegende Nachricht wird hier in kleiner Schrift wiedergegeben. Berlin, Darmstadt, Hamburg und Mainz melden neue Verordnungen, Preise und Bekanntmachungen fuer die Bevoelkerung; die Reichstag Sitzung beraet ueber Antraege, Lebensmittel, Getreide, Kartoffeln und Kriegsunterstuetzung der Familien. Die Abgeordneten sprachen ueber die Lage und den Bedarf der Stadt und des Landes. Die vorliegende Nachricht wird hier in kleiner Schrift wiedergegeben. Berlin, Darmstadt, Hamburg und Mainz melden neue Verordnungen, Preise und Bekanntmachungen fuer die Bevoelkerung; die Reichstag Sitzung beraet ueber Antraege, Lebensmittel, Getreide, Kartoffeln und Kriegsunterstuetzung der Familien. Die Abgeordneten sprachen ueber die Lage und den Bedarf der Stadt und des Landes. Die vorliegende Nachricht wird hier in kleiner Schrift wiedergegeben. Berlin, Darmstadt, Hamburg und Mainz melden neue Verordnungen, Preise und Bekanntmachungen fuer die Bevoelkerung; die Reichstag Sitzung beraet ueber Antraege, Lebensmittel, Getreide, Kartoffeln und Kriegsunterstuetzung der Familien. Die Abgeordneten sprachen ueber die Lage und den Bedarf der Stadt und des Landes. Die vorliegende Nachricht wird hier in kleiner Schrift wiedergegeben. Berlin, Darmstadt, Hamburg und Mainz melden neue Verordnungen, Preise und Bekanntmachungen fuer die Bevoelkerung; die Reichstag Sitzung beraet ueber Antraege, Lebensmittel, Getreide, Kartoffeln und Kriegsunterstuetzung der Familien. Die Abgeordneten sprachen ueber die Lage und den Bedarf der Stadt und des Landes.

Deutscher Reichstag.

Berlin, 23. Aug.

Die vorliegende Nachricht wird hier in kleiner Schrift wiedergegeben. Berlin, Darmstadt, Hamburg und Mainz melden neue Verordnungen, Preise und Bekanntmachungen fuer die Bevoelkerung; die Reichstag Sitzung beraet ueber Antraege, Lebensmittel, Getreide, Kartoffeln und Kriegsunterstuetzung der Familien. Die Abgeordneten sprachen ueber die Lage und den Bedarf der Stadt und des Landes. Die vorliegende Nachricht wird hier in kleiner Schrift wiedergegeben. Berlin, Darmstadt, Hamburg und Mainz melden neue Verordnungen, Preise und Bekanntmachungen fuer die Bevoelkerung; die Reichstag Sitzung beraet ueber Antraege, Lebensmittel, Getreide, Kartoffeln und Kriegsunterstuetzung der Familien. Die Abgeordneten sprachen ueber die Lage und den Bedarf der Stadt und des Landes. Die vorliegende Nachricht wird hier in kleiner Schrift wiedergegeben. Berlin, Darmstadt, Hamburg und Mainz melden neue Verordnungen, Preise und Bekanntmachungen fuer die Bevoelkerung; die Reichstag Sitzung beraet ueber Antraege, Lebensmittel, Getreide, Kartoffeln und Kriegsunterstuetzung der Familien. Die Abgeordneten sprachen ueber die Lage und den Bedarf der Stadt und des Landes. Die vorliegende Nachricht wird hier in kleiner Schrift wiedergegeben. Berlin, Darmstadt, Hamburg und Mainz melden neue Verordnungen, Preise und Bekanntmachungen fuer die Bevoelkerung; die Reichstag Sitzung beraet ueber Antraege, Lebensmittel, Getreide, Kartoffeln und Kriegsunterstuetzung der Familien. Die Abgeordneten sprachen ueber die Lage und den Bedarf der Stadt und des Landes. Die vorliegende Nachricht wird hier in kleiner Schrift wiedergegeben. Berlin, Darmstadt, Hamburg und Mainz melden neue Verordnungen, Preise und Bekanntmachungen fuer die Bevoelkerung; die Reichstag Sitzung beraet ueber Antraege, Lebensmittel, Getreide, Kartoffeln und Kriegsunterstuetzung der Familien. Die Abgeordneten sprachen ueber die Lage und den Bedarf der Stadt und des Landes.

Die vorliegende Nachricht wird hier in kleiner Schrift wiedergegeben. Berlin, Darmstadt, Hamburg und Mainz melden neue Verordnungen, Preise und Bekanntmachungen fuer die Bevoelkerung; die Reichstag Sitzung beraet ueber Antraege, Lebensmittel, Getreide, Kartoffeln und Kriegsunterstuetzung der Familien. Die Abgeordneten sprachen ueber die Lage und den Bedarf der Stadt und des Landes. Die vorliegende Nachricht wird hier in kleiner Schrift wiedergegeben. Berlin, Darmstadt, Hamburg und Mainz melden neue Verordnungen, Preise und Bekanntmachungen fuer die Bevoelkerung; die Reichstag Sitzung beraet ueber Antraege, Lebensmittel, Getreide, Kartoffeln und Kriegsunterstuetzung der Familien. Die Abgeordneten sprachen ueber die Lage und den Bedarf der Stadt und des Landes. Die vorliegende Nachricht wird hier in kleiner Schrift wiedergegeben. Berlin, Darmstadt, Hamburg und Mainz melden neue Verordnungen, Preise und Bekanntmachungen fuer die Bevoelkerung; die Reichstag Sitzung beraet ueber Antraege, Lebensmittel, Getreide, Kartoffeln und Kriegsunterstuetzung der Familien. Die Abgeordneten sprachen ueber die Lage und den Bedarf der Stadt und des Landes.

Die vorliegende Nachricht wird hier in kleiner Schrift wiedergegeben. Berlin, Darmstadt, Hamburg und Mainz melden neue Verordnungen, Preise und Bekanntmachungen fuer die Bevoelkerung; die Reichstag Sitzung beraet ueber Antraege, Lebensmittel, Getreide, Kartoffeln und Kriegsunterstuetzung der Familien. Die Abgeordneten sprachen ueber die Lage und den Bedarf der Stadt und des Landes. Die vorliegende Nachricht wird hier in kleiner Schrift wiedergegeben. Berlin, Darmstadt, Hamburg und Mainz melden neue Verordnungen, Preise und Bekanntmachungen fuer die Bevoelkerung; die Reichstag Sitzung beraet ueber Antraege, Lebensmittel, Getreide, Kartoffeln und Kriegsunterstuetzung der Familien. Die Abgeordneten sprachen ueber die Lage und den Bedarf der Stadt und des Landes. Die vorliegende Nachricht wird hier in kleiner Schrift wiedergegeben. Berlin, Darmstadt, Hamburg und Mainz melden neue Verordnungen, Preise und Bekanntmachungen fuer die Bevoelkerung; die Reichstag Sitzung beraet ueber Antraege, Lebensmittel, Getreide, Kartoffeln und Kriegsunterstuetzung der Familien. Die Abgeordneten sprachen ueber die Lage und den Bedarf der Stadt und des Landes. Die vorliegende Nachricht wird hier in kleiner Schrift wiedergegeben. Berlin, Darmstadt, Hamburg und Mainz melden neue Verordnungen, Preise und Bekanntmachungen fuer die Bevoelkerung; die Reichstag Sitzung beraet ueber Antraege, Lebensmittel, Getreide, Kartoffeln und Kriegsunterstuetzung der Familien. Die Abgeordneten sprachen ueber die Lage und den Bedarf der Stadt und des Landes.

Die vorliegende Nachricht wird hier in kleiner Schrift wiedergegeben. Berlin, Darmstadt, Hamburg und Mainz melden neue Verordnungen, Preise und Bekanntmachungen fuer die Bevoelkerung; die Reichstag Sitzung beraet ueber Antraege, Lebensmittel, Getreide, Kartoffeln und Kriegsunterstuetzung der Familien. Die Abgeordneten sprachen ueber die Lage und den Bedarf der Stadt und des Landes. Die vorliegende Nachricht wird hier in kleiner Schrift wiedergegeben. Berlin, Darmstadt, Hamburg und Mainz melden neue Verordnungen, Preise und Bekanntmachungen fuer die Bevoelkerung; die Reichstag Sitzung beraet ueber Antraege, Lebensmittel, Getreide, Kartoffeln und Kriegsunterstuetzung der Familien. Die Abgeordneten sprachen ueber die Lage und den Bedarf der Stadt und des Landes. Die vorliegende Nachricht wird hier in kleiner Schrift wiedergegeben. Berlin, Darmstadt, Hamburg und Mainz melden neue Verordnungen, Preise und Bekanntmachungen fuer die Bevoelkerung; die Reichstag Sitzung beraet ueber Antraege, Lebensmittel, Getreide, Kartoffeln und Kriegsunterstuetzung der Familien. Die Abgeordneten sprachen ueber die Lage und den Bedarf der Stadt und des Landes. Die vorliegende Nachricht wird hier in kleiner Schrift wiedergegeben. Berlin, Darmstadt, Hamburg und Mainz melden neue Verordnungen, Preise und Bekanntmachungen fuer die Bevoelkerung; die Reichstag Sitzung beraet ueber Antraege, Lebensmittel, Getreide, Kartoffeln und Kriegsunterstuetzung der Familien. Die Abgeordneten sprachen ueber die Lage und den Bedarf der Stadt und des Landes. Die vorliegende Nachricht wird hier in kleiner Schrift wiedergegeben. Berlin, Darmstadt, Hamburg und Mainz melden neue Verordnungen, Preise und Bekanntmachungen fuer die Bevoelkerung; die Reichstag Sitzung beraet ueber Antraege, Lebensmittel, Getreide, Kartoffeln und Kriegsunterstuetzung der Familien. Die Abgeordneten sprachen ueber die Lage und den Bedarf der Stadt und des Landes.

Die vorliegende Nachricht wird hier in kleiner Schrift wiedergegeben. Berlin, Darmstadt, Hamburg und Mainz melden neue Verordnungen, Preise und Bekanntmachungen fuer die Bevoelkerung; die Reichstag Sitzung beraet ueber Antraege, Lebensmittel, Getreide, Kartoffeln und Kriegsunterstuetzung der Familien. Die Abgeordneten sprachen ueber die Lage und den Bedarf der Stadt und des Landes. Die vorliegende Nachricht wird hier in kleiner Schrift wiedergegeben. Berlin, Darmstadt, Hamburg und Mainz melden neue Verordnungen, Preise und Bekanntmachungen fuer die Bevoelkerung; die Reichstag Sitzung beraet ueber Antraege, Lebensmittel, Getreide, Kartoffeln und Kriegsunterstuetzung der Familien. Die Abgeordneten sprachen ueber die Lage und den Bedarf der Stadt und des Landes. Die vorliegende Nachricht wird hier in kleiner Schrift wiedergegeben. Berlin, Darmstadt, Hamburg und Mainz melden neue Verordnungen, Preise und Bekanntmachungen fuer die Bevoelkerung; die Reichstag Sitzung beraet ueber Antraege, Lebensmittel, Getreide, Kartoffeln und Kriegsunterstuetzung der Familien. Die Abgeordneten sprachen ueber die Lage und den Bedarf der Stadt und des Landes.

Die vorliegende Nachricht wird hier in kleiner Schrift wiedergegeben. Berlin, Darmstadt, Hamburg und Mainz melden neue Verordnungen, Preise und Bekanntmachungen fuer die Bevoelkerung; die Reichstag Sitzung beraet ueber Antraege, Lebensmittel, Getreide, Kartoffeln und Kriegsunterstuetzung der Familien. Die Abgeordneten sprachen ueber die Lage und den Bedarf der Stadt und des Landes. Die vorliegende Nachricht wird hier in kleiner Schrift wiedergegeben. Berlin, Darmstadt, Hamburg und Mainz melden neue Verordnungen, Preise und Bekanntmachungen fuer die Bevoelkerung; die Reichstag Sitzung beraet ueber Antraege, Lebensmittel, Getreide, Kartoffeln und Kriegsunterstuetzung der Familien. Die Abgeordneten sprachen ueber die Lage und den Bedarf der Stadt und des Landes. Die vorliegende Nachricht wird hier in kleiner Schrift wiedergegeben. Berlin, Darmstadt, Hamburg und Mainz melden neue Verordnungen, Preise und Bekanntmachungen fuer die Bevoelkerung; die Reichstag Sitzung beraet ueber Antraege, Lebensmittel, Getreide, Kartoffeln und Kriegsunterstuetzung der Familien. Die Abgeordneten sprachen ueber die Lage und den Bedarf der Stadt und des Landes. Die vorliegende Nachricht wird hier in kleiner Schrift wiedergegeben. Berlin, Darmstadt, Hamburg und Mainz melden neue Verordnungen, Preise und Bekanntmachungen fuer die Bevoelkerung; die Reichstag Sitzung beraet ueber Antraege, Lebensmittel, Getreide, Kartoffeln und Kriegsunterstuetzung der Familien. Die Abgeordneten sprachen ueber die Lage und den Bedarf der Stadt und des Landes.

Die vorliegende Nachricht wird hier in kleiner Schrift wiedergegeben. Berlin, Darmstadt, Hamburg und Mainz melden neue Verordnungen, Preise und Bekanntmachungen fuer die Bevoelkerung; die Reichstag Sitzung beraet ueber Antraege, Lebensmittel, Getreide, Kartoffeln und Kriegsunterstuetzung der Familien. Die Abgeordneten sprachen ueber die Lage und den Bedarf der Stadt und des Landes. Die vorliegende Nachricht wird hier in kleiner Schrift wiedergegeben. Berlin, Darmstadt, Hamburg und Mainz melden neue Verordnungen, Preise und Bekanntmachungen fuer die Bevoelkerung; die Reichstag Sitzung beraet ueber Antraege, Lebensmittel, Getreide, Kartoffeln und Kriegsunterstuetzung der Familien. Die Abgeordneten sprachen ueber die Lage und den Bedarf der Stadt und des Landes. Die vorliegende Nachricht wird hier in kleiner Schrift wiedergegeben. Berlin, Darmstadt, Hamburg und Mainz melden neue Verordnungen, Preise und Bekanntmachungen fuer die Bevoelkerung; die Reichstag Sitzung beraet ueber Antraege, Lebensmittel, Getreide, Kartoffeln und Kriegsunterstuetzung der Familien. Die Abgeordneten sprachen ueber die Lage und den Bedarf der Stadt und des Landes. Die vorliegende Nachricht wird hier in kleiner Schrift wiedergegeben. Berlin, Darmstadt, Hamburg und Mainz melden neue Verordnungen, Preise und Bekanntmachungen fuer die Bevoelkerung; die Reichstag Sitzung beraet ueber Antraege, Lebensmittel, Getreide, Kartoffeln und Kriegsunterstuetzung der Familien. Die Abgeordneten sprachen ueber die Lage und den Bedarf der Stadt und des Landes. Die vorliegende Nachricht wird hier in kleiner Schrift wiedergegeben. Berlin, Darmstadt, Hamburg und Mainz melden neue Verordnungen, Preise und Bekanntmachungen fuer die Bevoelkerung; die Reichstag Sitzung beraet ueber Antraege, Lebensmittel, Getreide, Kartoffeln und Kriegsunterstuetzung der Familien. Die Abgeordneten sprachen ueber die Lage und den Bedarf der Stadt und des Landes.

Die vorliegende Nachricht wird hier in kleiner Schrift wiedergegeben. Berlin, Darmstadt, Hamburg und Mainz melden neue Verordnungen, Preise und Bekanntmachungen fuer die Bevoelkerung; die Reichstag Sitzung beraet ueber Antraege, Lebensmittel, Getreide, Kartoffeln und Kriegsunterstuetzung der Familien. Die Abgeordneten sprachen ueber die Lage und den Bedarf der Stadt und des Landes. Die vorliegende Nachricht wird hier in kleiner Schrift wiedergegeben. Berlin, Darmstadt, Hamburg und Mainz melden neue Verordnungen, Preise und Bekanntmachungen fuer die Bevoelkerung; die Reichstag Sitzung beraet ueber Antraege, Lebensmittel, Getreide, Kartoffeln und Kriegsunterstuetzung der Familien. Die Abgeordneten sprachen ueber die Lage und den Bedarf der Stadt und des Landes. Die vorliegende Nachricht wird hier in kleiner Schrift wiedergegeben. Berlin, Darmstadt, Hamburg und Mainz melden neue Verordnungen, Preise und Bekanntmachungen fuer die Bevoelkerung; die Reichstag Sitzung beraet ueber Antraege, Lebensmittel, Getreide, Kartoffeln und Kriegsunterstuetzung der Familien. Die Abgeordneten sprachen ueber die Lage und den Bedarf der Stadt und des Landes.

Die vorliegende Nachricht wird hier in kleiner Schrift wiedergegeben. Berlin, Darmstadt, Hamburg und Mainz melden neue Verordnungen, Preise und Bekanntmachungen fuer die Bevoelkerung; die Reichstag Sitzung beraet ueber Antraege, Lebensmittel, Getreide, Kartoffeln und Kriegsunterstuetzung der Familien. Die Abgeordneten sprachen ueber die Lage und den Bedarf der Stadt und des Landes. Die vorliegende Nachricht wird hier in kleiner Schrift wiedergegeben. Berlin, Darmstadt, Hamburg und Mainz melden neue Verordnungen, Preise und Bekanntmachungen fuer die Bevoelkerung; die Reichstag Sitzung beraet ueber Antraege, Lebensmittel, Getreide, Kartoffeln und Kriegsunterstuetzung der Familien. Die Abgeordneten sprachen ueber die Lage und den Bedarf der Stadt und des Landes. Die vorliegende Nachricht wird hier in kleiner Schrift wiedergegeben. Berlin, Darmstadt, Hamburg und Mainz melden neue Verordnungen, Preise und Bekanntmachungen fuer die Bevoelkerung; die Reichstag Sitzung beraet ueber Antraege, Lebensmittel, Getreide, Kartoffeln und Kriegsunterstuetzung der Familien. Die Abgeordneten sprachen ueber die Lage und den Bedarf der Stadt und des Landes. Die vorliegende Nachricht wird hier in kleiner Schrift wiedergegeben. Berlin, Darmstadt, Hamburg und Mainz melden neue Verordnungen, Preise und Bekanntmachungen fuer die Bevoelkerung; die Reichstag Sitzung beraet ueber Antraege, Lebensmittel, Getreide, Kartoffeln und Kriegsunterstuetzung der Familien. Die Abgeordneten sprachen ueber die Lage und den Bedarf der Stadt und des Landes.

Die vorliegende Nachricht wird hier in kleiner Schrift wiedergegeben. Berlin, Darmstadt, Hamburg und Mainz melden neue Verordnungen, Preise und Bekanntmachungen fuer die Bevoelkerung; die Reichstag Sitzung beraet ueber Antraege, Lebensmittel, Getreide, Kartoffeln und Kriegsunterstuetzung der Familien. Die Abgeordneten sprachen ueber die Lage und den Bedarf der Stadt und des Landes. Die vorliegende Nachricht wird hier in kleiner Schrift wiedergegeben. Berlin, Darmstadt, Hamburg und Mainz melden neue Verordnungen, Preise und Bekanntmachungen fuer die Bevoelkerung; die Reichstag Sitzung beraet ueber Antraege, Lebensmittel, Getreide, Kartoffeln und Kriegsunterstuetzung der Familien. Die Abgeordneten sprachen ueber die Lage und den Bedarf der Stadt und des Landes. Die vorliegende Nachricht wird hier in kleiner Schrift wiedergegeben. Berlin, Darmstadt, Hamburg und Mainz melden neue Verordnungen, Preise und Bekanntmachungen fuer die Bevoelkerung; die Reichstag Sitzung beraet ueber Antraege, Lebensmittel, Getreide, Kartoffeln und Kriegsunterstuetzung der Familien. Die Abgeordneten sprachen ueber die Lage und den Bedarf der Stadt und des Landes. Die vorliegende Nachricht wird hier in kleiner Schrift wiedergegeben. Berlin, Darmstadt, Hamburg und Mainz melden neue Verordnungen, Preise und Bekanntmachungen fuer die Bevoelkerung; die Reichstag Sitzung beraet ueber Antraege, Lebensmittel, Getreide, Kartoffeln und Kriegsunterstuetzung der Familien. Die Abgeordneten sprachen ueber die Lage und den Bedarf der Stadt und des Landes. Die vorliegende Nachricht wird hier in kleiner Schrift wiedergegeben. Berlin, Darmstadt, Hamburg und Mainz melden neue Verordnungen, Preise und Bekanntmachungen fuer die Bevoelkerung; die Reichstag Sitzung beraet ueber Antraege, Lebensmittel, Getreide, Kartoffeln und Kriegsunterstuetzung der Familien. Die Abgeordneten sprachen ueber die Lage und den Bedarf der Stadt und des Landes.

Die vorliegende Nachricht wird hier in kleiner Schrift wiedergegeben. Berlin, Darmstadt, Hamburg und Mainz melden neue Verordnungen, Preise und Bekanntmachungen fuer die Bevoelkerung; die Reichstag Sitzung beraet ueber Antraege, Lebensmittel, Getreide, Kartoffeln und Kriegsunterstuetzung der Familien. Die Abgeordneten sprachen ueber die Lage und den Bedarf der Stadt und des Landes. Die vorliegende Nachricht wird hier in kleiner Schrift wiedergegeben. Berlin, Darmstadt, Hamburg und Mainz melden neue Verordnungen, Preise und Bekanntmachungen fuer die Bevoelkerung; die Reichstag Sitzung beraet ueber Antraege, Lebensmittel, Getreide, Kartoffeln und Kriegsunterstuetzung der Familien. Die Abgeordneten sprachen ueber die Lage und den Bedarf der Stadt und des Landes. Die vorliegende Nachricht wird hier in kleiner Schrift wiedergegeben. Berlin, Darmstadt, Hamburg und Mainz melden neue Verordnungen, Preise und Bekanntmachungen fuer die Bevoelkerung; die Reichstag Sitzung beraet ueber Antraege, Lebensmittel, Getreide, Kartoffeln und Kriegsunterstuetzung der Familien. Die Abgeordneten sprachen ueber die Lage und den Bedarf der Stadt und des Landes.
